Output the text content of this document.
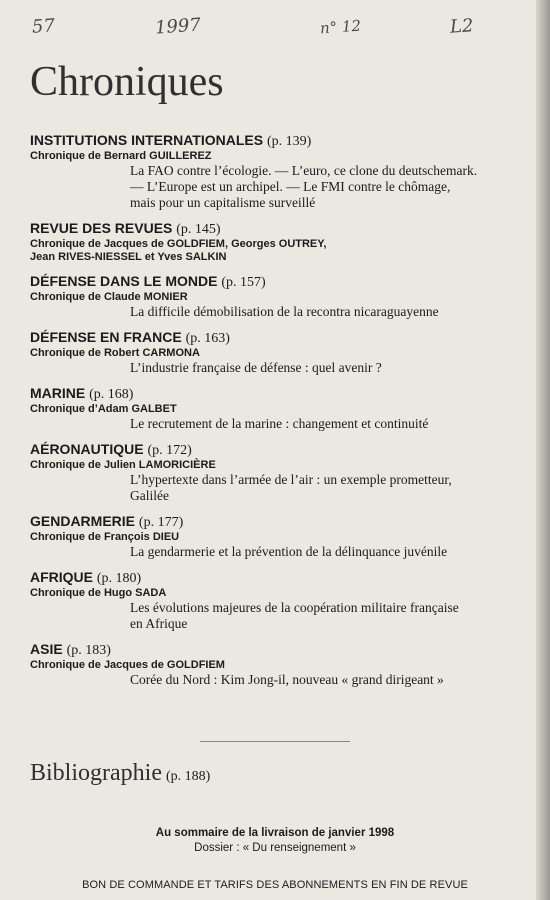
57	1997	n° 12	L2
Chroniques
INSTITUTIONS INTERNATIONALES (p. 139)
Chronique de Bernard GUILLEREZ
La FAO contre l’écologie. — L’euro, ce clone du deutschemark.
— L’Europe est un archipel. — Le FMI contre le chômage,
mais pour un capitalisme surveillé
REVUE DES REVUES (p. 145)
Chronique de Jacques de GOLDFIEM, Georges OUTREY,
Jean RIVES-NIESSEL et Yves SALKIN
DÉFENSE DANS LE MONDE (p. 157)
Chronique de Claude MONIER
La difficile démobilisation de la recontra nicaraguayenne
DÉFENSE EN FRANCE (p. 163)
Chronique de Robert CARMONA
L’industrie française de défense : quel avenir ?
MARINE (p. 168)
Chronique d’Adam GALBET
Le recrutement de la marine : changement et continuité
AÉRONAUTIQUE (p. 172)
Chronique de Julien LAMORICIÈRE
L’hypertexte dans l’armée de l’air : un exemple prometteur,
Galilée
GENDARMERIE (p. 177)
Chronique de François DIEU
La gendarmerie et la prévention de la délinquance juvénile
AFRIQUE (p. 180)
Chronique de Hugo SADA
Les évolutions majeures de la coopération militaire française
en Afrique
ASIE (p. 183)
Chronique de Jacques de GOLDFIEM
Corée du Nord : Kim Jong-il, nouveau « grand dirigeant »
Bibliographie (p. 188)
Au sommaire de la livraison de janvier 1998
Dossier : « Du renseignement »
BON DE COMMANDE ET TARIFS DES ABONNEMENTS EN FIN DE REVUE
